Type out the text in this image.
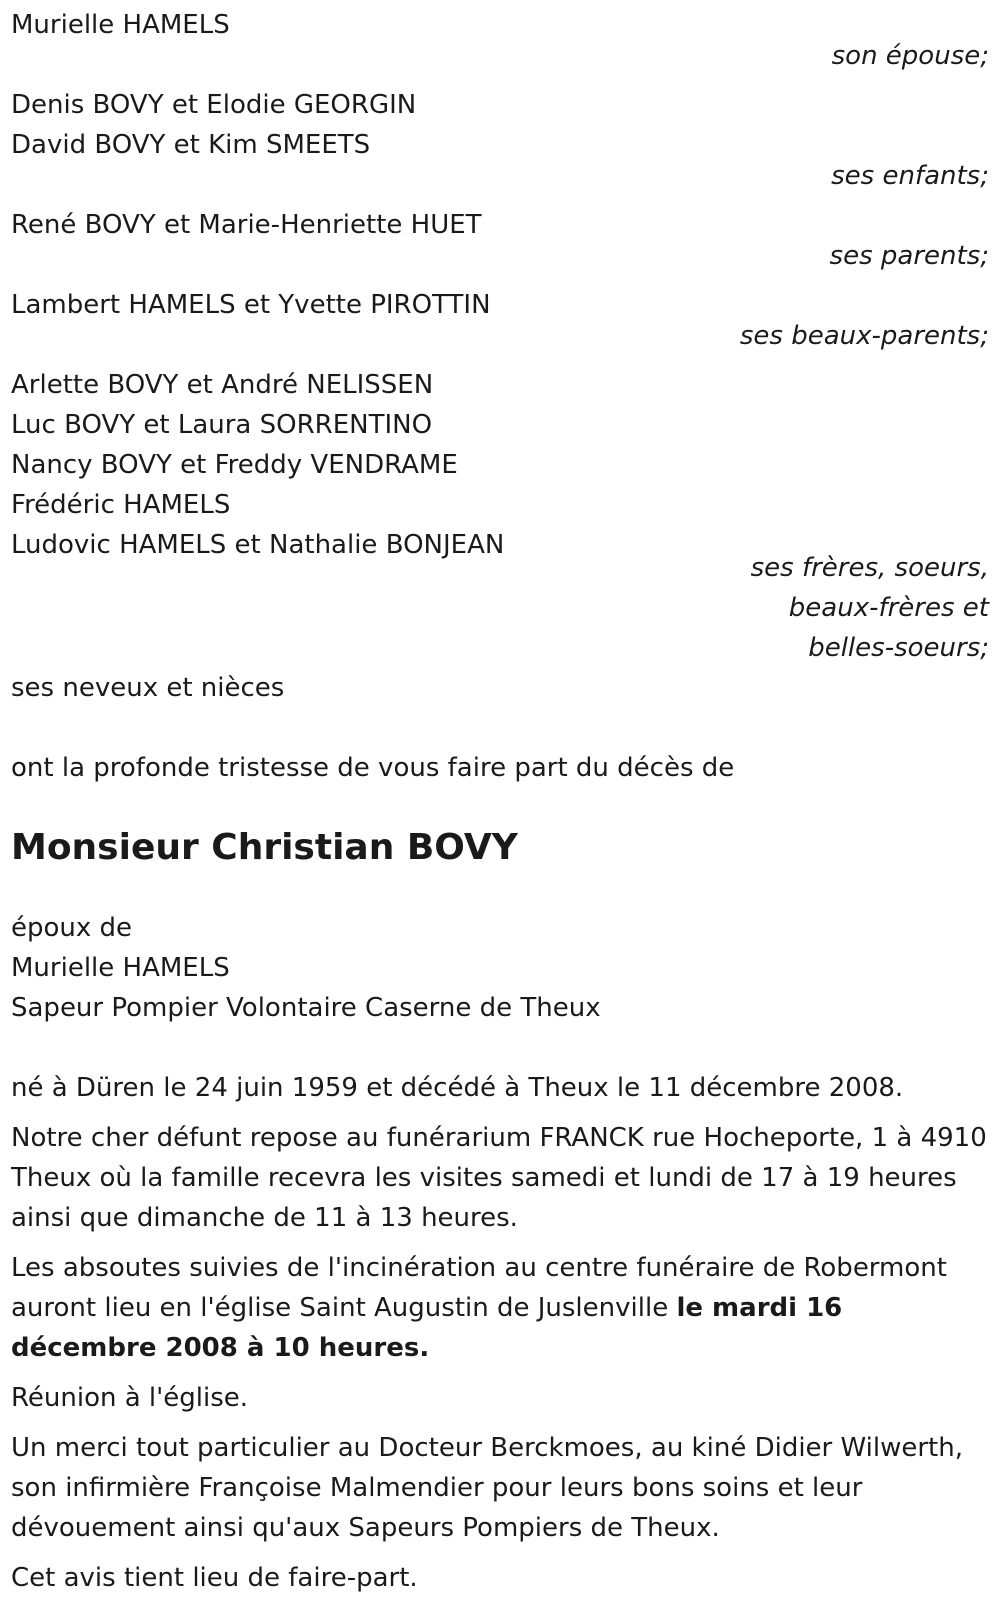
Murielle HAMELS
son épouse;
Denis BOVY et Elodie GEORGIN
David BOVY et Kim SMEETS
ses enfants;
René BOVY et Marie-Henriette HUET
ses parents;
Lambert HAMELS et Yvette PIROTTIN
ses beaux-parents;
Arlette BOVY et André NELISSEN
Luc BOVY et Laura SORRENTINO
Nancy BOVY et Freddy VENDRAME
Frédéric HAMELS
Ludovic HAMELS et Nathalie BONJEAN
ses frères, soeurs,
beaux-frères et
belles-soeurs;
ses neveux et nièces
ont la profonde tristesse de vous faire part du décès de
Monsieur Christian BOVY
époux de
Murielle HAMELS
Sapeur Pompier Volontaire Caserne de Theux
né à Düren le 24 juin 1959 et décédé à Theux le 11 décembre 2008.
Notre cher défunt repose au funérarium FRANCK rue Hocheporte, 1 à 4910 Theux où la famille recevra les visites samedi et lundi de 17 à 19 heures ainsi que dimanche de 11 à 13 heures.
Les absoutes suivies de l'incinération au centre funéraire de Robermont auront lieu en l'église Saint Augustin de Juslenville le mardi 16 décembre 2008 à 10 heures.
Réunion à l'église.
Un merci tout particulier au Docteur Berckmoes, au kiné Didier Wilwerth, son infirmière Françoise Malmendier pour leurs bons soins et leur dévouement ainsi qu'aux Sapeurs Pompiers de Theux.
Cet avis tient lieu de faire-part.
